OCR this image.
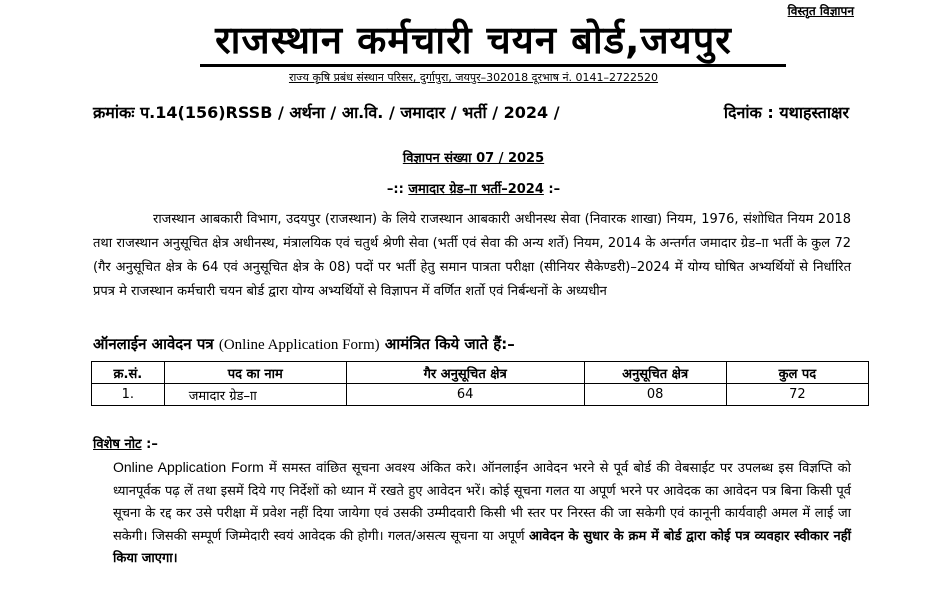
विस्तृत विज्ञापन
राजस्थान कर्मचारी चयन बोर्ड,जयपुर
राज्य कृषि प्रबंध संस्थान परिसर, दुर्गापुरा, जयपुर–302018 दूरभाष नं. 0141–2722520
क्रमांकः प.14(156)RSSB / अर्थना / आ.वि. / जमादार / भर्ती / 2024 /	दिनांक : यथाहस्ताक्षर
विज्ञापन संख्या 07 / 2025
–:: जमादार ग्रेड–ाा भर्ती–2024 :–
राजस्थान आबकारी विभाग, उदयपुर (राजस्थान) के लिये राजस्थान आबकारी अधीनस्थ सेवा (निवारक शाखा) नियम, 1976, संशोधित नियम 2018 तथा राजस्थान अनुसूचित क्षेत्र अधीनस्थ, मंत्रालयिक एवं चतुर्थ श्रेणी सेवा (भर्ती एवं सेवा की अन्य शर्ते) नियम, 2014 के अन्तर्गत जमादार ग्रेड–ाा भर्ती के कुल 72 (गैर अनुसूचित क्षेत्र के 64 एवं अनुसूचित क्षेत्र के 08) पदों पर भर्ती हेतु समान पात्रता परीक्षा (सीनियर सैकेण्डरी)–2024 में योग्य घोषित अभ्यर्थियों से निर्धारित प्रपत्र मे राजस्थान कर्मचारी चयन बोर्ड द्वारा योग्य अभ्यर्थियों से विज्ञापन में वर्णित शर्तो एवं निर्बन्धनों के अध्यधीन
ऑनलाईन आवेदन पत्र (Online Application Form) आमंत्रित किये जाते हैं:–
क्र.सं.	पद का नाम	गैर अनुसूचित क्षेत्र	अनुसूचित क्षेत्र	कुल पद
1.	जमादार ग्रेड–ाा	64	08	72
विशेष नोट :–
Online Application Form में समस्त वांछित सूचना अवश्य अंकित करे। ऑनलाईन आवेदन भरने से पूर्व बोर्ड की वेबसाईट पर उपलब्ध इस विज्ञप्ति को ध्यानपूर्वक पढ़ लें तथा इसमें दिये गए निर्देशों को ध्यान में रखते हुए आवेदन भरें। कोई सूचना गलत या अपूर्ण भरने पर आवेदक का आवेदन पत्र बिना किसी पूर्व सूचना के रद्द कर उसे परीक्षा में प्रवेश नहीं दिया जायेगा एवं उसकी उम्मीदवारी किसी भी स्तर पर निरस्त की जा सकेगी एवं कानूनी कार्यवाही अमल में लाई जा सकेगी। जिसकी सम्पूर्ण जिम्मेदारी स्वयं आवेदक की होगी। गलत/असत्य सूचना या अपूर्ण आवेदन के सुधार के क्रम में बोर्ड द्वारा कोई पत्र व्यवहार स्वीकार नहीं किया जाएगा।
